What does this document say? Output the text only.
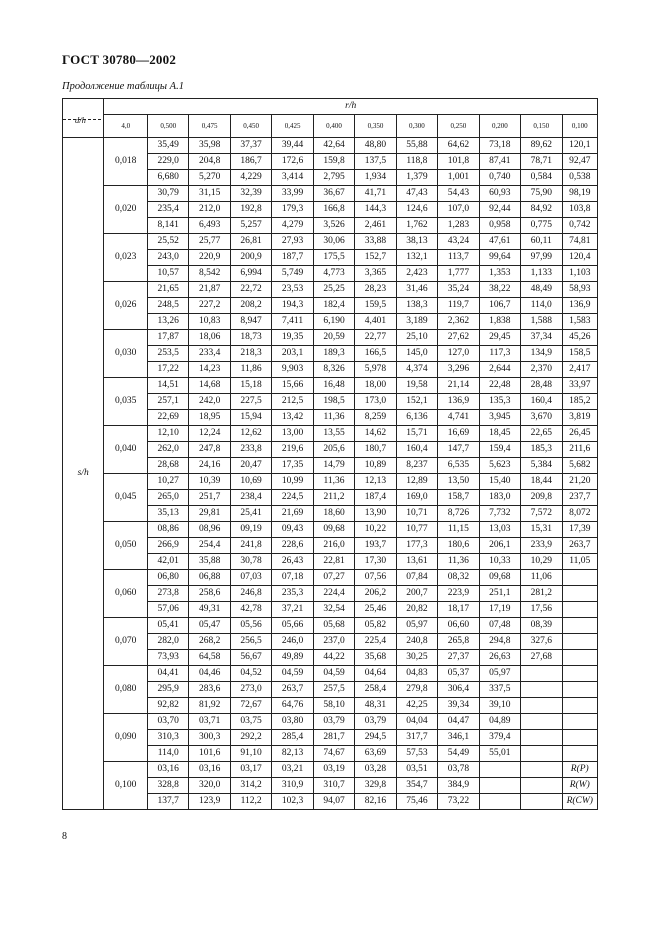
ГОСТ 30780—2002
Продолжение таблицы А.1
d/h	r/h											
	4,0	0,500	0,475	0,450	0,425	0,400	0,350	0,300	0,250	0,200	0,150	0,100
s/h	0,018	35,49	35,98	37,37	39,44	42,64	48,80	55,88	64,62	73,18	89,62	120,1
		229,0	204,8	186,7	172,6	159,8	137,5	118,8	101,8	87,41	78,71	92,47
		6,680	5,270	4,229	3,414	2,795	1,934	1,379	1,001	0,740	0,584	0,538
	0,020	30,79	31,15	32,39	33,99	36,67	41,71	47,43	54,43	60,93	75,90	98,19
		235,4	212,0	192,8	179,3	166,8	144,3	124,6	107,0	92,44	84,92	103,8
		8,141	6,493	5,257	4,279	3,526	2,461	1,762	1,283	0,958	0,775	0,742
	0,023	25,52	25,77	26,81	27,93	30,06	33,88	38,13	43,24	47,61	60,11	74,81
		243,0	220,9	200,9	187,7	175,5	152,7	132,1	113,7	99,64	97,99	120,4
		10,57	8,542	6,994	5,749	4,773	3,365	2,423	1,777	1,353	1,133	1,103
	0,026	21,65	21,87	22,72	23,53	25,25	28,23	31,46	35,24	38,22	48,49	58,93
		248,5	227,2	208,2	194,3	182,4	159,5	138,3	119,7	106,7	114,0	136,9
		13,26	10,83	8,947	7,411	6,190	4,401	3,189	2,362	1,838	1,588	1,583
	0,030	17,87	18,06	18,73	19,35	20,59	22,77	25,10	27,62	29,45	37,34	45,26
		253,5	233,4	218,3	203,1	189,3	166,5	145,0	127,0	117,3	134,9	158,5
		17,22	14,23	11,86	9,903	8,326	5,978	4,374	3,296	2,644	2,370	2,417
	0,035	14,51	14,68	15,18	15,66	16,48	18,00	19,58	21,14	22,48	28,48	33,97
		257,1	242,0	227,5	212,5	198,5	173,0	152,1	136,9	135,3	160,4	185,2
		22,69	18,95	15,94	13,42	11,36	8,259	6,136	4,741	3,945	3,670	3,819
	0,040	12,10	12,24	12,62	13,00	13,55	14,62	15,71	16,69	18,45	22,65	26,45
		262,0	247,8	233,8	219,6	205,6	180,7	160,4	147,7	159,4	185,3	211,6
		28,68	24,16	20,47	17,35	14,79	10,89	8,237	6,535	5,623	5,384	5,682
	0,045	10,27	10,39	10,69	10,99	11,36	12,13	12,89	13,50	15,40	18,44	21,20
		265,0	251,7	238,4	224,5	211,2	187,4	169,0	158,7	183,0	209,8	237,7
		35,13	29,81	25,41	21,69	18,60	13,90	10,71	8,726	7,732	7,572	8,072
	0,050	08,86	08,96	09,19	09,43	09,68	10,22	10,77	11,15	13,03	15,31	17,39
		266,9	254,4	241,8	228,6	216,0	193,7	177,3	180,6	206,1	233,9	263,7
		42,01	35,88	30,78	26,43	22,81	17,30	13,61	11,36	10,33	10,29	11,05
	0,060	06,80	06,88	07,03	07,18	07,27	07,56	07,84	08,32	09,68	11,06	
		273,8	258,6	246,8	235,3	224,4	206,2	200,7	223,9	251,1	281,2	
		57,06	49,31	42,78	37,21	32,54	25,46	20,82	18,17	17,19	17,56	
	0,070	05,41	05,47	05,56	05,66	05,68	05,82	05,97	06,60	07,48	08,39	
		282,0	268,2	256,5	246,0	237,0	225,4	240,8	265,8	294,8	327,6	
		73,93	64,58	56,67	49,89	44,22	35,68	30,25	27,37	26,63	27,68	
	0,080	04,41	04,46	04,52	04,59	04,59	04,64	04,83	05,37	05,97		
		295,9	283,6	273,0	263,7	257,5	258,4	279,8	306,4	337,5		
		92,82	81,92	72,67	64,76	58,10	48,31	42,25	39,34	39,10		
	0,090	03,70	03,71	03,75	03,80	03,79	03,79	04,04	04,47	04,89		
		310,3	300,3	292,2	285,4	281,7	294,5	317,7	346,1	379,4		
		114,0	101,6	91,10	82,13	74,67	63,69	57,53	54,49	55,01		
	0,100	03,16	03,16	03,17	03,21	03,19	03,28	03,51	03,78			R(P)
		328,8	320,0	314,2	310,9	310,7	329,8	354,7	384,9			R(W)
		137,7	123,9	112,2	102,3	94,07	82,16	75,46	73,22			R(CW)
8
